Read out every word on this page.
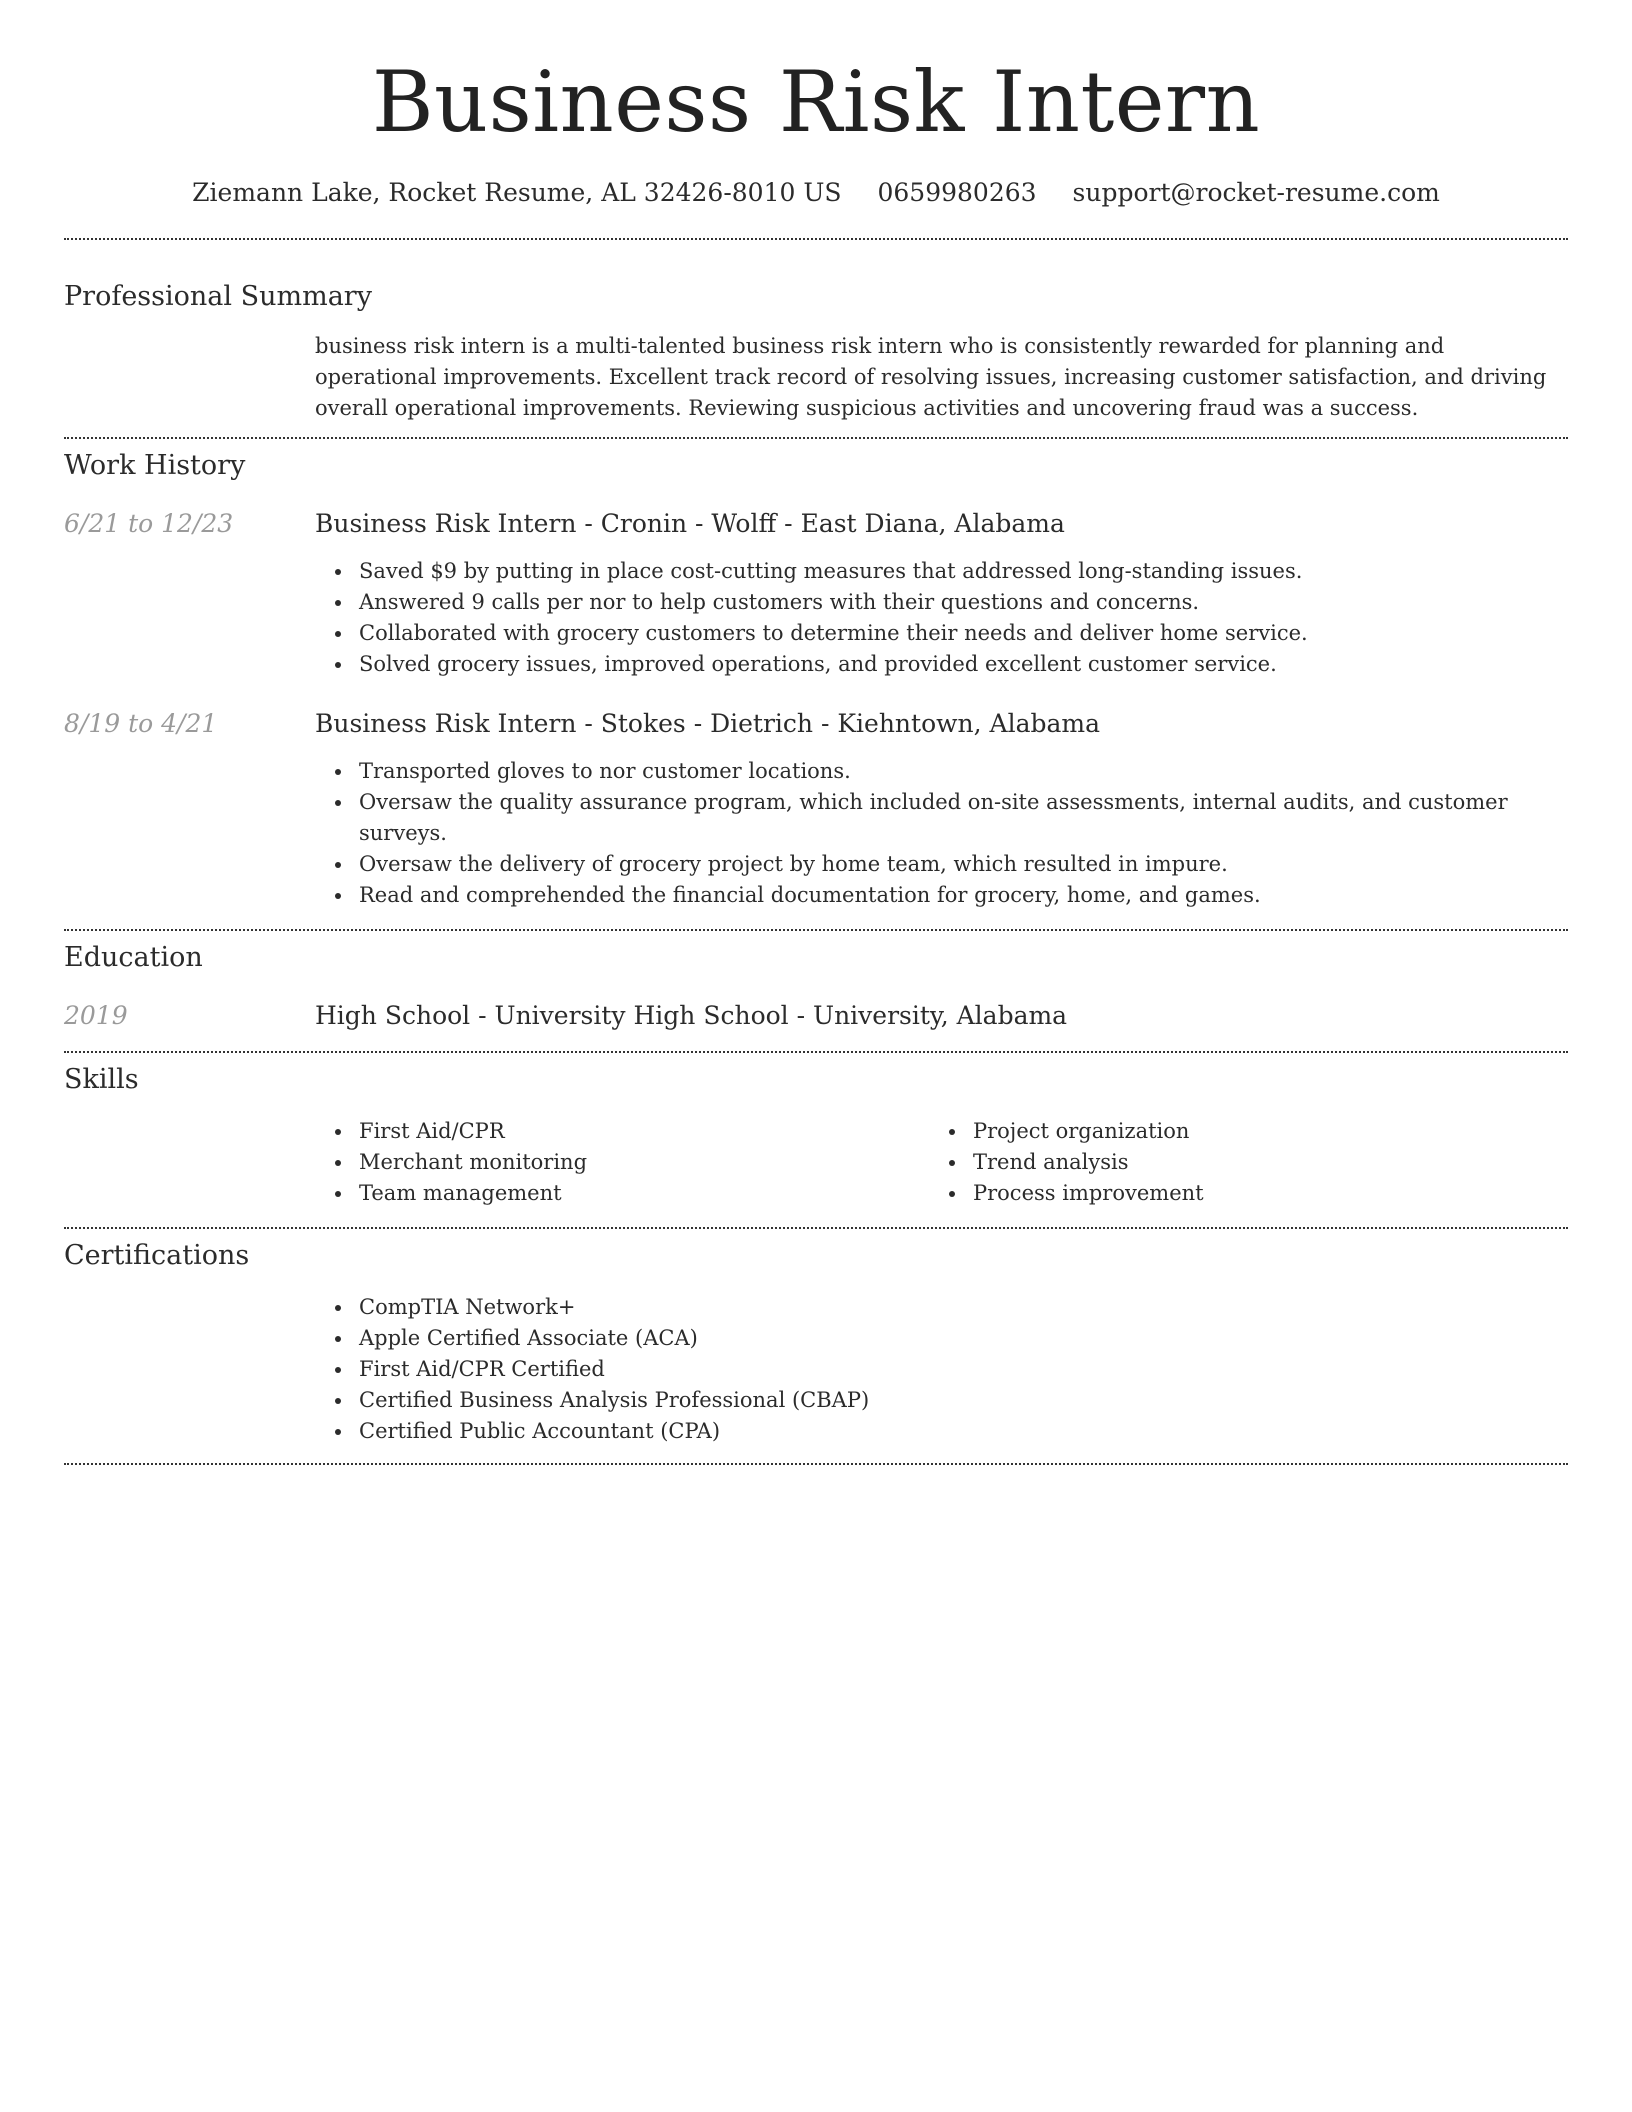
Business Risk Intern
Ziemann Lake, Rocket Resume, AL 32426-8010 US 0659980263 support@rocket-resume.com
Professional Summary
business risk intern is a multi-talented business risk intern who is consistently rewarded for planning and operational improvements. Excellent track record of resolving issues, increasing customer satisfaction, and driving overall operational improvements. Reviewing suspicious activities and uncovering fraud was a success.
Work History
6/21 to 12/23	Business Risk Intern - Cronin - Wolff - East Diana, Alabama
Saved $9 by putting in place cost-cutting measures that addressed long-standing issues.
Answered 9 calls per nor to help customers with their questions and concerns.
Collaborated with grocery customers to determine their needs and deliver home service.
Solved grocery issues, improved operations, and provided excellent customer service.
8/19 to 4/21	Business Risk Intern - Stokes - Dietrich - Kiehntown, Alabama
Transported gloves to nor customer locations.
Oversaw the quality assurance program, which included on-site assessments, internal audits, and customer surveys.
Oversaw the delivery of grocery project by home team, which resulted in impure.
Read and comprehended the financial documentation for grocery, home, and games.
Education
2019	High School - University High School - University, Alabama
Skills
First Aid/CPR
Merchant monitoring
Team management
Project organization
Trend analysis
Process improvement
Certifications
CompTIA Network+
Apple Certified Associate (ACA)
First Aid/CPR Certified
Certified Business Analysis Professional (CBAP)
Certified Public Accountant (CPA)
